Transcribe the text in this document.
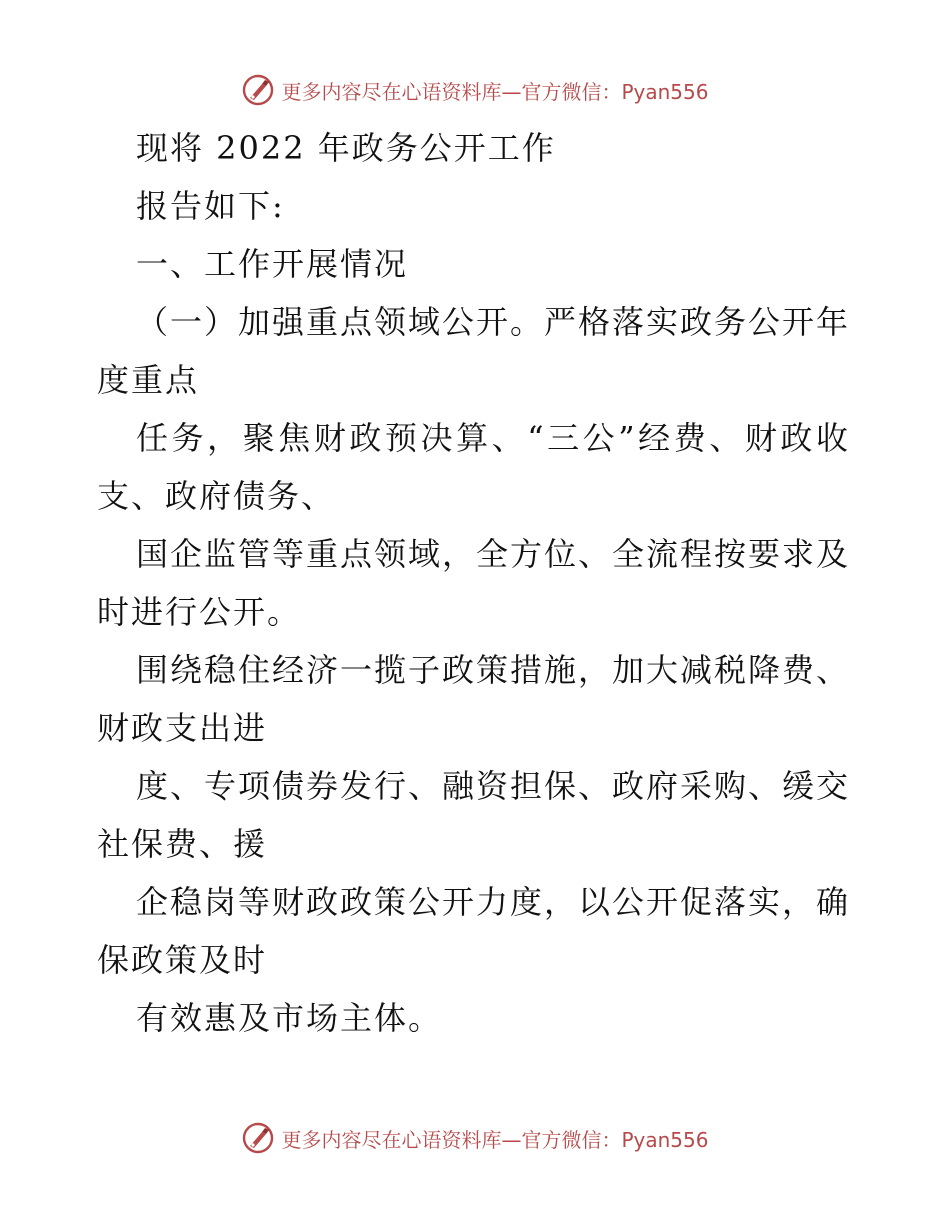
更多内容尽在心语资料库—官方微信：Pyan556
现将 2022 年政务公开工作
报告如下:
一、工作开展情况
（一）加强重点领域公开。严格落实政务公开年
度重点
任务，聚焦财政预决算、“三公”经费、财政收
支、政府债务、
国企监管等重点领域，全方位、全流程按要求及
时进行公开。
围绕稳住经济一揽子政策措施，加大减税降费、
财政支出进
度、专项债券发行、融资担保、政府采购、缓交
社保费、援
企稳岗等财政政策公开力度，以公开促落实，确
保政策及时
有效惠及市场主体。
更多内容尽在心语资料库—官方微信：Pyan556
